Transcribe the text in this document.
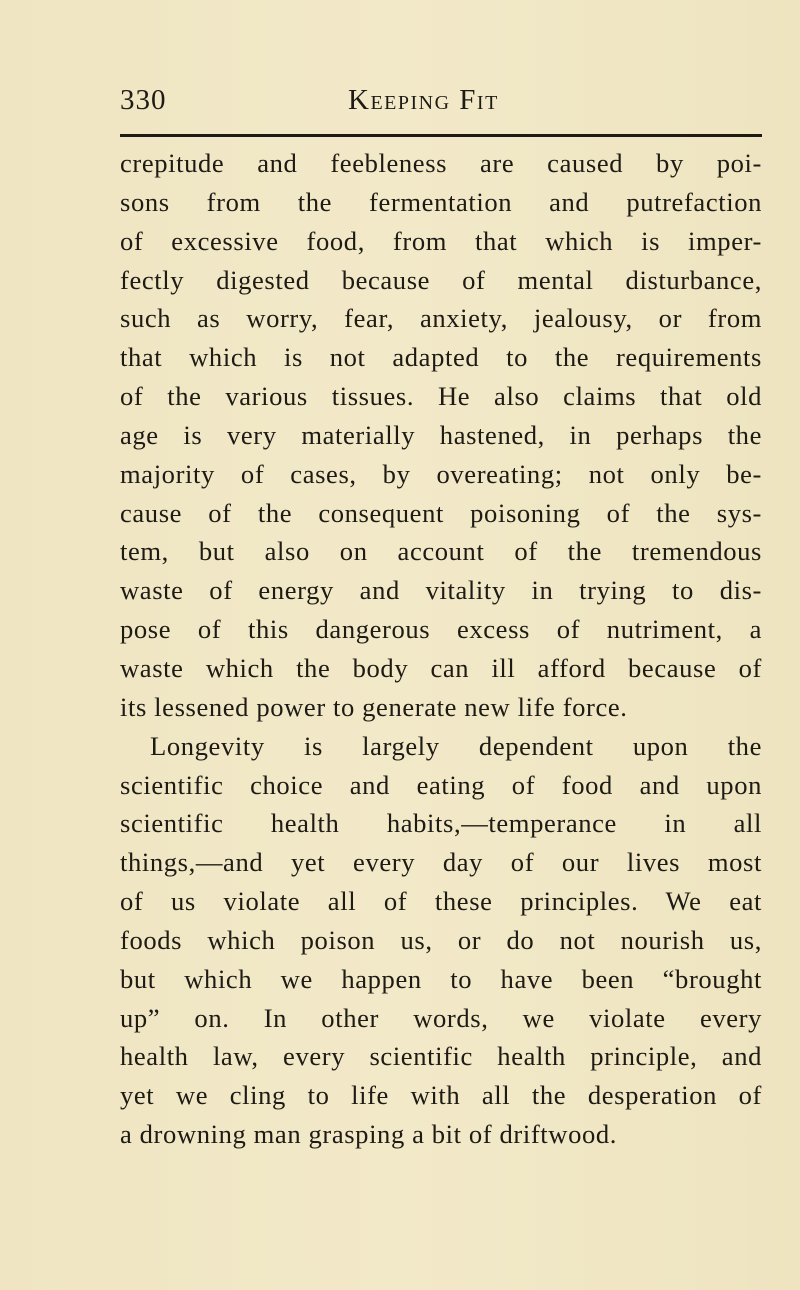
330	Keeping Fit
crepitude and feebleness are caused by poi-
sons from the fermentation and putrefaction
of excessive food, from that which is imper-
fectly digested because of mental disturbance,
such as worry, fear, anxiety, jealousy, or from
that which is not adapted to the requirements
of the various tissues. He also claims that old
age is very materially hastened, in perhaps the
majority of cases, by overeating; not only be-
cause of the consequent poisoning of the sys-
tem, but also on account of the tremendous
waste of energy and vitality in trying to dis-
pose of this dangerous excess of nutriment, a
waste which the body can ill afford because of
its lessened power to generate new life force.
Longevity is largely dependent upon the
scientific choice and eating of food and upon
scientific health habits,—temperance in all
things,—and yet every day of our lives most
of us violate all of these principles. We eat
foods which poison us, or do not nourish us,
but which we happen to have been “brought
up” on. In other words, we violate every
health law, every scientific health principle, and
yet we cling to life with all the desperation of
a drowning man grasping a bit of driftwood.
